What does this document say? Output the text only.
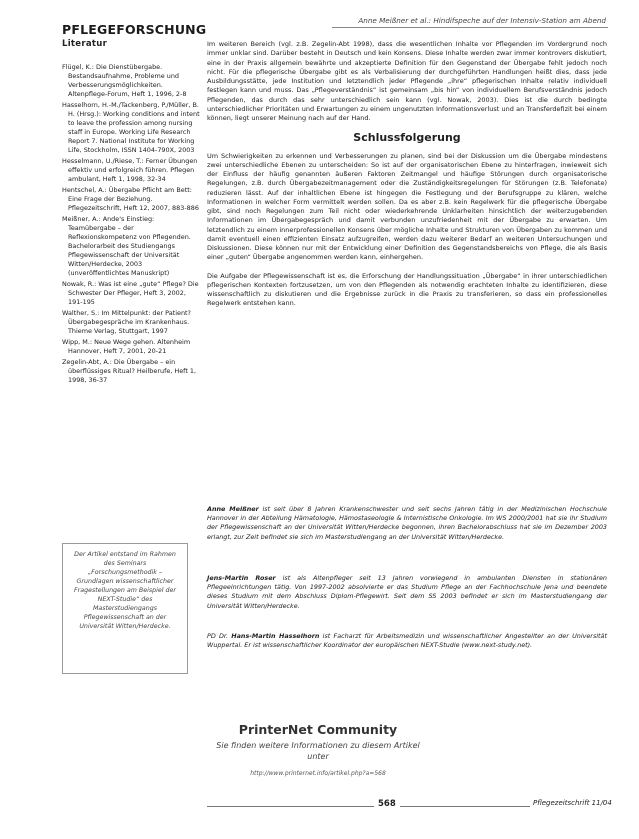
PFLEGEFORSCHUNG
Anne Meißner et al.: Hindifspeche auf der Intensiv-Station am Abend
Literatur
Flügel, K.: Die Dienstübergabe. Bestandsaufnahme, Probleme und Verbesserungsmöglichkeiten. Altenpflege-Forum, Heft 1, 1996, 2-8
Hasselhorn, H.-M./Tackenberg, P./Müller, B. H. (Hrsg.): Working conditions and intent to leave the profession among nursing staff in Europe. Working Life Research Report 7. National Institute for Working Life, Stockholm, ISSN 1404-790X, 2003
Hesselmann, U./Riese, T.: Ferner Übungen effektiv und erfolgreich führen. Pflegen ambulant, Heft 1, 1998, 32-34
Hentschel, A.: Übergabe Pflicht am Bett: Eine Frage der Beziehung. Pflegezeitschrift, Heft 12, 2007, 883-886
Meißner, A.: Ande's Einstieg: Teamübergabe – der Reflexionskompetenz von Pflegenden. Bachelorarbeit des Studiengangs Pflegewissenschaft der Universität Witten/Herdecke, 2003 (unveröffentlichtes Manuskript)
Nowak, R.: Was ist eine „gute“ Pflege? Die Schwester Der Pfleger, Heft 3, 2002, 191-195
Walther, S.: Im Mittelpunkt: der Patient? Übergabegespräche im Krankenhaus. Thieme Verlag, Stuttgart, 1997
Wipp, M.: Neue Wege gehen. Altenheim Hannover, Heft 7, 2001, 20-21
Zegelin-Abt, A.: Die Übergabe – ein überflüssiges Ritual? Heilberufe, Heft 1, 1998, 36-37
Der Artikel entstand im Rahmen des Seminars „Forschungsmethodik – Grundlagen wissenschaftlicher Fragestellungen am Beispiel der NEXT-Studie“ des Masterstudiengangs Pflegewissenschaft an der Universität Witten/Herdecke.

Im weiteren Bereich (vgl. z.B. Zegelin-Abt 1998), dass die wesentlichen Inhalte vor Pflegenden im Vordergrund noch immer unklar sind. Darüber besteht in Deutsch und kein Konsens. Diese Inhalte werden zwar immer kontrovers diskutiert, eine in der Praxis allgemein bewährte und akzeptierte Definition für den Gegenstand der Übergabe fehlt jedoch noch nicht. Für die pflegerische Übergabe gibt es als Verbalisierung der durchgeführten Handlungen heißt dies, dass jede Ausbildungsstätte, jede Institution und letztendlich jeder Pflegende „ihre“ pflegerischen Inhalte relativ individuell festlegen kann und muss. Das „Pflegeverständnis“ ist gemeinsam „bis hin“ von individuellem Berufsverständnis jedoch Pflegenden, das durch das sehr unterschiedlich sein kann (vgl. Nowak, 2003). Dies ist die durch bedingte unterschiedlicher Prioritäten und Erwartungen zu einem ungenutzten Informationsverlust und an Transferdefizit bei einem können, liegt unserer Meinung nach auf der Hand.

Schlussfolgerung

Um Schwierigkeiten zu erkennen und Verbesserungen zu planen, sind bei der Diskussion um die Übergabe mindestens zwei unterschiedliche Ebenen zu unterscheiden: So ist auf der organisatorischen Ebene zu hinterfragen, inwieweit sich der Einfluss der häufig genannten äußeren Faktoren Zeitmangel und häufige Störungen durch organisatorische Regelungen, z.B. durch Übergabezeitmanagement oder die Zuständigkeitsregelungen für Störungen (z.B. Telefonate) reduzieren lässt. Auf der inhaltlichen Ebene ist hingegen die Festlegung und der Berufsgruppe zu klären, welche Informationen in welcher Form vermittelt werden sollen. Da es aber z.B. kein Regelwerk für die pflegerische Übergabe gibt, sind noch Regelungen zum Teil nicht oder wiederkehrende Unklarheiten hinsichtlich der weiterzugebenden Informationen im Übergabegespräch und damit verbunden unzufriedenheit mit der Übergabe zu erwarten. Um letztendlich zu einem innerprofessionellen Konsens über mögliche Inhalte und Strukturen von Übergaben zu kommen und damit eventuell einen effizienten Einsatz aufzugreifen, werden dazu weiterer Bedarf an weiteren Untersuchungen und Diskussionen. Diese können nur mit der Entwicklung einer Definition des Gegenstandsbereichs von Pflege, die als Basis einer „guten“ Übergabe angenommen werden kann, einhergehen.

Die Aufgabe der Pflegewissenschaft ist es, die Erforschung der Handlungssituation „Übergabe“ in ihrer unterschiedlichen pflegerischen Kontexten fortzusetzen, um von den Pflegenden als notwendig erachteten Inhalte zu identifizieren, diese wissenschaftlich zu diskutieren und die Ergebnisse zurück in die Praxis zu transferieren, so dass ein professionelles Regelwerk entstehen kann.

Anne Meißner ist seit über 8 Jahren Krankenschwester und seit sechs Jahren tätig in der Medizinischen Hochschule Hannover in der Abteilung Hämatologie, Hämostaseologie & Internistische Onkologie. Im WS 2000/2001 hat sie ihr Studium der Pflegewissenschaft an der Universität Witten/Herdecke begonnen, ihren Bachelorabschluss hat sie im Dezember 2003 erlangt, zur Zeit befindet sie sich im Masterstudiengang an der Universität Witten/Herdecke.
Jens-Martin Roser ist als Altenpfleger seit 13 Jahren vorwiegend in ambulanten Diensten in stationären Pflegeeinrichtungen tätig. Von 1997-2002 absolvierte er das Studium Pflege an der Fachhochschule Jena und beendete dieses Studium mit dem Abschluss Diplom-Pflegewirt. Seit dem SS 2003 befindet er sich im Masterstudiengang der Universität Witten/Herdecke.
PD Dr. Hans-Martin Hasselhorn ist Facharzt für Arbeitsmedizin und wissenschaftlicher Angestellter an der Universität Wuppertal. Er ist wissenschaftlicher Koordinator der europäischen NEXT-Studie (www.next-study.net).
PrinterNet Community
Sie finden weitere Informationen zu diesem Artikel unter
http://www.printernet.info/artikel.php?a=568
568	Pflegezeitschrift 11/04
